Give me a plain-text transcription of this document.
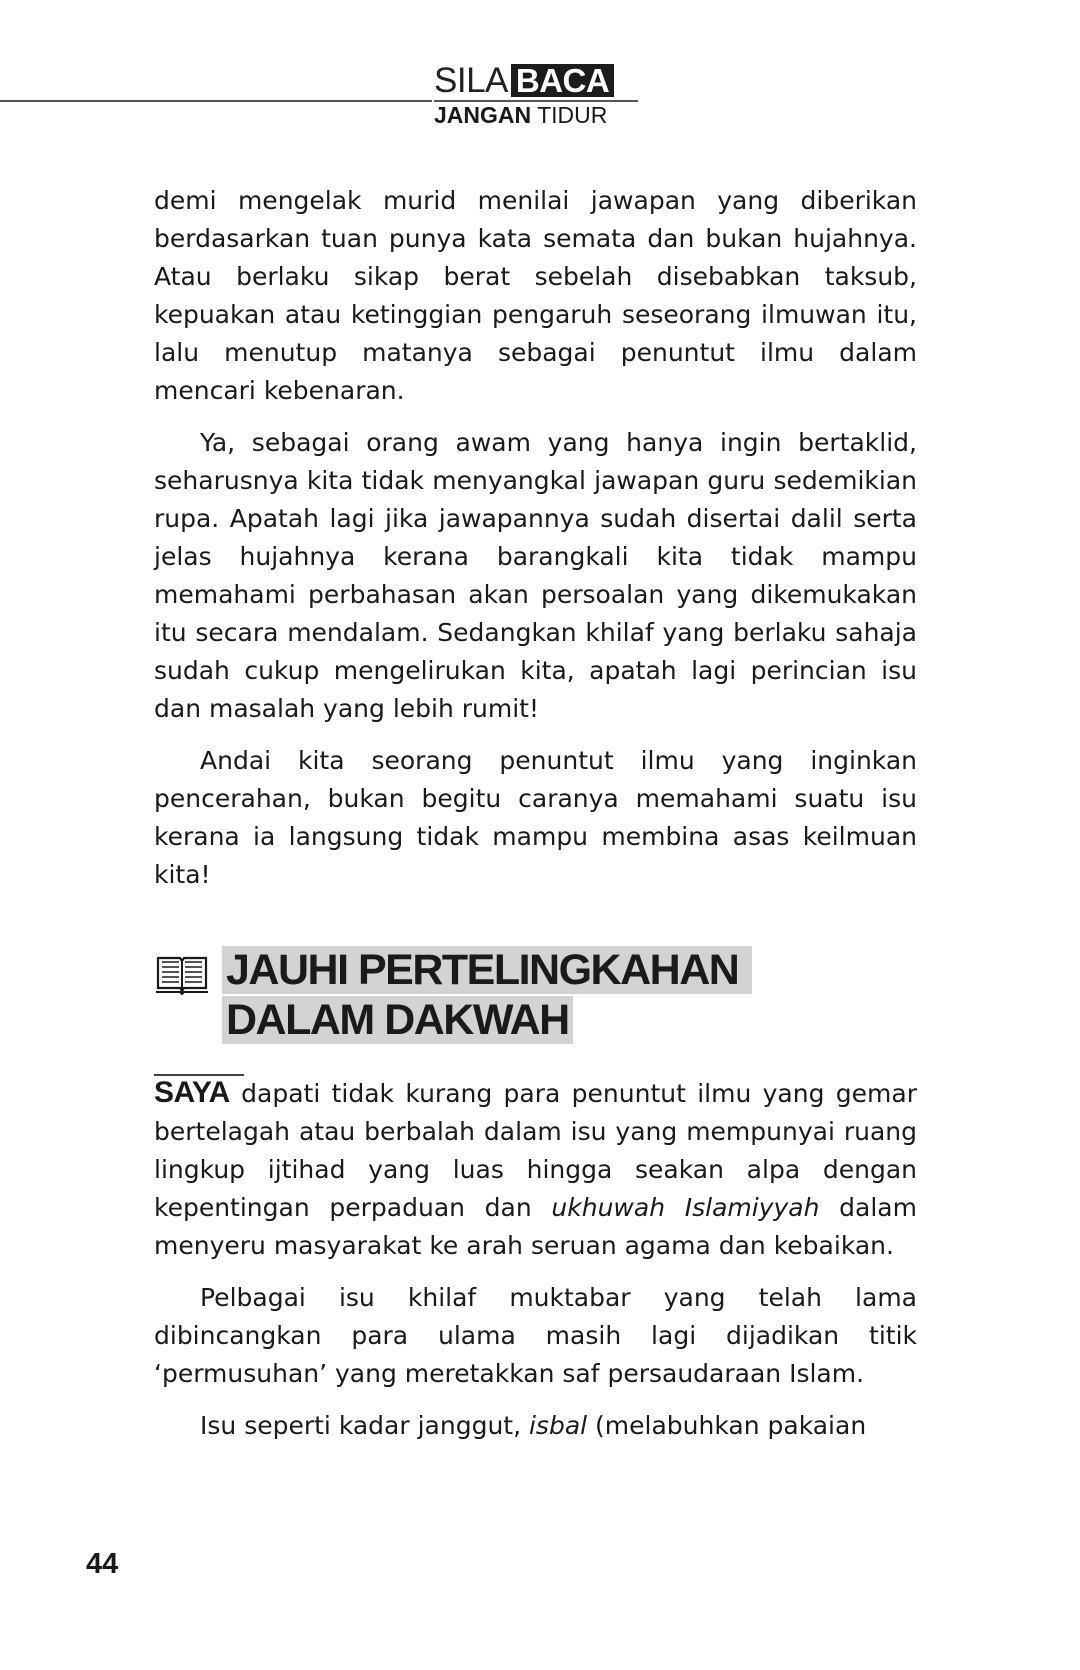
SILA BACA
JANGAN TIDUR

demi mengelak murid menilai jawapan yang diberikan berdasarkan tuan punya kata semata dan bukan hujahnya. Atau berlaku sikap berat sebelah disebabkan taksub, kepuakan atau ketinggian pengaruh seseorang ilmuwan itu, lalu menutup matanya sebagai penuntut ilmu dalam mencari kebenaran.

Ya, sebagai orang awam yang hanya ingin bertaklid, seharusnya kita tidak menyangkal jawapan guru sedemikian rupa. Apatah lagi jika jawapannya sudah disertai dalil serta jelas hujahnya kerana barangkali kita tidak mampu memahami perbahasan akan persoalan yang dikemukakan itu secara mendalam. Sedangkan khilaf yang berlaku sahaja sudah cukup mengelirukan kita, apatah lagi perincian isu dan masalah yang lebih rumit!

Andai kita seorang penuntut ilmu yang inginkan pencerahan, bukan begitu caranya memahami suatu isu kerana ia langsung tidak mampu membina asas keilmuan kita!

JAUHI PERTELINGKAHAN
DALAM DAKWAH

SAYA dapati tidak kurang para penuntut ilmu yang gemar bertelagah atau berbalah dalam isu yang mempunyai ruang lingkup ijtihad yang luas hingga seakan alpa dengan kepentingan perpaduan dan ukhuwah Islamiyyah dalam menyeru masyarakat ke arah seruan agama dan kebaikan.

Pelbagai isu khilaf muktabar yang telah lama dibincangkan para ulama masih lagi dijadikan titik ‘permusuhan’ yang meretakkan saf persaudaraan Islam.

Isu seperti kadar janggut, isbal (melabuhkan pakaian

44
